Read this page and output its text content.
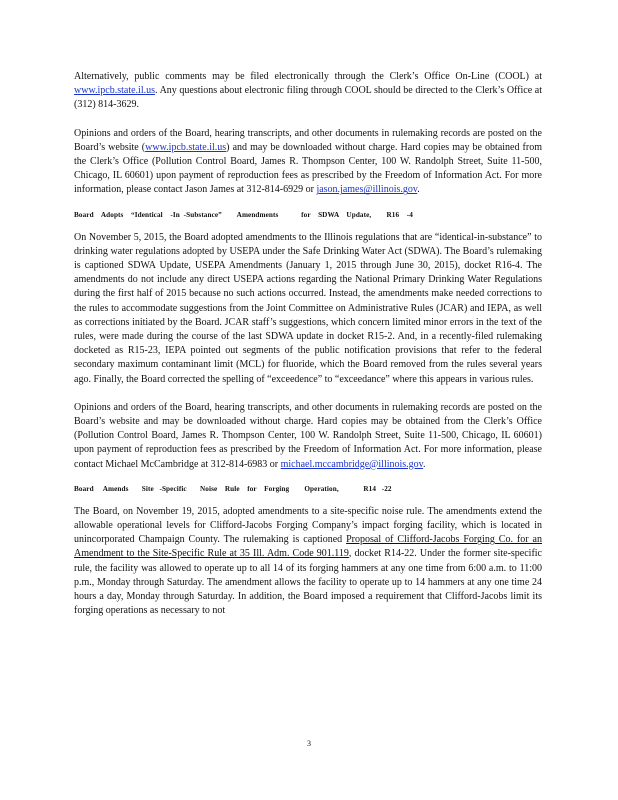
Alternatively, public comments may be filed electronically through the Clerk’s Office On-Line (COOL) at www.ipcb.state.il.us. Any questions about electronic filing through COOL should be directed to the Clerk’s Office at (312) 814-3629.

Opinions and orders of the Board, hearing transcripts, and other documents in rulemaking records are posted on the Board’s website (www.ipcb.state.il.us) and may be downloaded without charge. Hard copies may be obtained from the Clerk’s Office (Pollution Control Board, James R. Thompson Center, 100 W. Randolph Street, Suite 11-500, Chicago, IL 60601) upon payment of reproduction fees as prescribed by the Freedom of Information Act. For more information, please contact Jason James at 312-814-6929 or jason.james@illinois.gov.

Board    Adopts    “Identical    -In  -Substance”        Amendments            for    SDWA    Update,        R16    -4

On November 5, 2015, the Board adopted amendments to the Illinois regulations that are “identical-in-substance” to drinking water regulations adopted by USEPA under the Safe Drinking Water Act (SDWA). The Board’s rulemaking is captioned SDWA Update, USEPA Amendments (January 1, 2015 through June 30, 2015), docket R16-4. The amendments do not include any direct USEPA actions regarding the National Primary Drinking Water Regulations during the first half of 2015 because no such actions occurred. Instead, the amendments make needed corrections to the rules to accommodate suggestions from the Joint Committee on Administrative Rules (JCAR) and IEPA, as well as corrections initiated by the Board. JCAR staff’s suggestions, which concern limited minor errors in the text of the rules, were made during the course of the last SDWA update in docket R15-2. And, in a recently-filed rulemaking docketed as R15-23, IEPA pointed out segments of the public notification provisions that refer to the federal secondary maximum contaminant limit (MCL) for fluoride, which the Board removed from the rules several years ago. Finally, the Board corrected the spelling of “exceedence” to “exceedance” where this appears in various rules.

Opinions and orders of the Board, hearing transcripts, and other documents in rulemaking records are posted on the Board’s website and may be downloaded without charge. Hard copies may be obtained from the Clerk’s Office (Pollution Control Board, James R. Thompson Center, 100 W. Randolph Street, Suite 11-500, Chicago, IL 60601) upon payment of reproduction fees as prescribed by the Freedom of Information Act. For more information, please contact Michael McCambridge at 312-814-6983 or michael.mccambridge@illinois.gov.

Board     Amends       Site   -Specific       Noise    Rule    for    Forging        Operation,             R14   -22

The Board, on November 19, 2015, adopted amendments to a site-specific noise rule. The amendments extend the allowable operational levels for Clifford-Jacobs Forging Company’s impact forging facility, which is located in unincorporated Champaign County. The rulemaking is captioned Proposal of Clifford-Jacobs Forging Co. for an Amendment to the Site-Specific Rule at 35 Ill. Adm. Code 901.119, docket R14-22. Under the former site-specific rule, the facility was allowed to operate up to all 14 of its forging hammers at any one time from 6:00 a.m. to 11:00 p.m., Monday through Saturday. The amendment allows the facility to operate up to 14 hammers at any one time 24 hours a day, Monday through Saturday. In addition, the Board imposed a requirement that Clifford-Jacobs limit its forging operations as necessary to not

3
